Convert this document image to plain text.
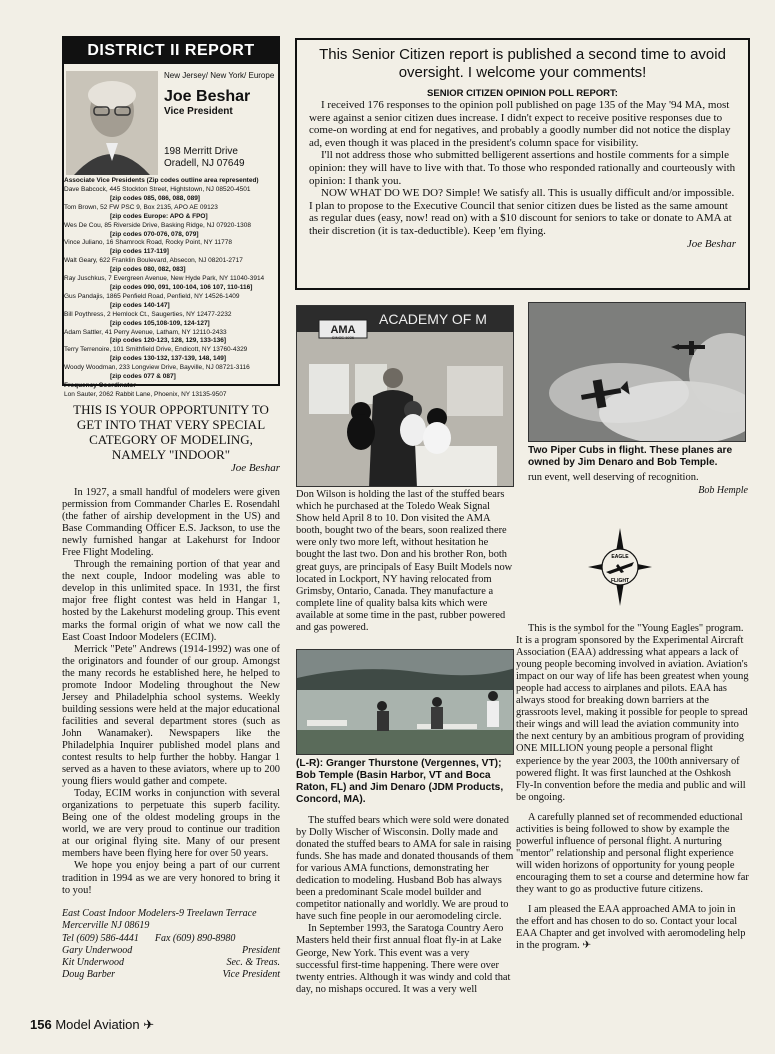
DISTRICT II REPORT
New Jersey/ New York/ Europe
Joe Beshar
Vice President
198 Merritt Drive
Oradell, NJ 07649
Associate Vice Presidents (Zip codes outline area represented)
Dave Babcock, 445 Stockton Street, Hightstown, NJ 08520-4501
[zip codes 085, 086, 088, 089]
Tom Brown, 52 FW PSC 9, Box 2135, APO AE 09123
[zip codes Europe: APO & FPO]
Wes De Cou, 85 Riverside Drive, Basking Ridge, NJ 07920-1308
[zip codes 070-076, 078, 079]
Vince Juliano, 16 Shamrock Road, Rocky Point, NY 11778
[zip codes 117-119]
Walt Geary, 622 Franklin Boulevard, Absecon, NJ 08201-2717
[zip codes 080, 082, 083]
Ray Juschkus, 7 Evergreen Avenue, New Hyde Park, NY 11040-3914
[zip codes 090, 091, 100-104, 106 107, 110-116]
Gus Pandajis, 1865 Penfield Road, Penfield, NY 14526-1409
[zip codes 140-147]
Bill Poythress, 2 Hemlock Ct., Saugerties, NY 12477-2232
[zip codes 105,108-109, 124-127]
Adam Sattler, 41 Perry Avenue, Latham, NY 12110-2433
[zip codes 120-123, 128, 129, 133-136]
Terry Terrenoire, 101 Smithfield Drive, Endicott, NY 13760-4329
[zip codes 130-132, 137-139, 148, 149]
Woody Woodman, 233 Longview Drive, Bayville, NJ 08721-3116
[zip codes 077 & 087]
Frequency Coordinator
Lon Sauter, 2062 Rabbit Lane, Phoenix, NY 13135-9507
This Senior Citizen report is published a second time to avoid oversight. I welcome your comments!
SENIOR CITIZEN OPINION POLL REPORT:

I received 176 responses to the opinion poll published on page 135 of the May '94 MA, most were against a senior citizen dues increase. I didn't expect to receive positive responses due to come-on wording at end for negatives, and probably a goodly number did not notice the display ad, even though it was placed in the president's column space for visibility.

I'll not address those who submitted belligerent assertions and hostile comments for a simple opinion: they will have to live with that. To those who responded rationally and courteously with opinion: I thank you.

NOW WHAT DO WE DO? Simple! We satisfy all. This is usually difficult and/or impossible. I plan to propose to the Executive Council that senior citizen dues be listed as the same amount as regular dues (easy, now! read on) with a $10 discount for seniors to take or donate to AMA at their discretion (it is tax-deductible). Keep 'em flying.

Joe Beshar
THIS IS YOUR OPPORTUNITY TO GET INTO THAT VERY SPECIAL CATEGORY OF MODELING, NAMELY "INDOOR"
Joe Beshar

In 1927, a small handful of modelers were given permission from Commander Charles E. Rosendahl (the father of airship development in the US) and Base Commanding Officer E.S. Jackson, to use the newly furnished hangar at Lakehurst for Indoor Free Flight Modeling.

Through the remaining portion of that year and the next couple, Indoor modeling was able to develop in this unlimited space. In 1931, the first major free flight contest was held in Hangar 1, hosted by the Lakehurst modeling group. This event marks the formal origin of what we now call the East Coast Indoor Modelers (ECIM).

Merrick "Pete" Andrews (1914-1992) was one of the originators and founder of our group. Amongst the many records he established here, he helped to promote Indoor Modeling throughout the New Jersey and Philadelphia school systems. Weekly building sessions were held at the major educational facilities and several department stores (such as John Wanamaker). Newspapers like the Philadelphia Inquirer published model plans and contest results to help further the hobby. Hangar 1 served as a haven to these aviators, where up to 200 young fliers would gather and compete.

Today, ECIM works in conjunction with several organizations to perpetuate this superb facility. Being one of the oldest modeling groups in the world, we are very proud to continue our tradition at our original flying site. Many of our present members have been flying here for over 50 years.

We hope you enjoy being a part of our current tradition in 1994 as we are very honored to bring it to you!

East Coast Indoor Modelers-9 Treelawn Terrace
Mercerville NJ 08619
Tel (609) 586-4441 Fax (609) 890-8980
Gary Underwood	President
Kit Underwood	Sec. & Treas.
Doug Barber	Vice President
AMA
SINCE 1936
ACADEMY OF M
Two Piper Cubs in flight. These planes are owned by Jim Denaro and Bob Temple.
run event, well deserving of recognition.
Bob Hemple
Don Wilson is holding the last of the stuffed bears which he purchased at the Toledo Weak Signal Show held April 8 to 10. Don visited the AMA booth, bought two of the bears, soon realized there were only two more left, without hesitation he bought the last two. Don and his brother Ron, both great guys, are principals of Easy Built Models now located in Lockport, NY having relocated from Grimsby, Ontario, Canada. They manufacture a complete line of quality balsa kits which were available at some time in the past, rubber powered and gas powered.
(L-R): Granger Thurstone (Vergennes, VT); Bob Temple (Basin Harbor, VT and Boca Raton, FL) and Jim Denaro (JDM Products, Concord, MA).

The stuffed bears which were sold were donated by Dolly Wischer of Wisconsin. Dolly made and donated the stuffed bears to AMA for sale in raising funds. She has made and donated thousands of them for various AMA functions, demonstrating her dedication to modeling. Husband Bob has always been a predominant Scale model builder and competitor nationally and worldly. We are proud to have such fine people in our aeromodeling circle.

In September 1993, the Saratoga Country Aero Masters held their first annual float fly-in at Lake George, New York. This event was a very successful first-time happening. There were over twenty entries. Although it was windy and cold that day, no mishaps occured. It was a very well

EAGLE
FLIGHT

This is the symbol for the "Young Eagles" program. It is a program sponsored by the Experimental Aircraft Association (EAA) addressing what appears a lack of young people becoming involved in aviation. Aviation's impact on our way of life has been greatest when young people had access to airplanes and pilots. EAA has always stood for breaking down barriers at the grassroots level, making it possible for people to spread their wings and will lead the aviation community into the next century by an ambitious program of providing ONE MILLION young people a personal flight experience by the year 2003, the 100th anniversary of powered flight. It was first launched at the Oshkosh Fly-In convention before the media and public and will be ongoing.

A carefully planned set of recommended eductional activities is being followed to show by example the powerful influence of personal flight. A nurturing "mentor" relationship and personal flight experience will widen horizons of opportunity for young people encouraging them to set a course and determine how far they want to go as productive future citizens.

I am pleased the EAA approached AMA to join in the effort and has chosen to do so. Contact your local EAA Chapter and get involved with aeromodeling help in the program. ✈

156 Model Aviation ✈
